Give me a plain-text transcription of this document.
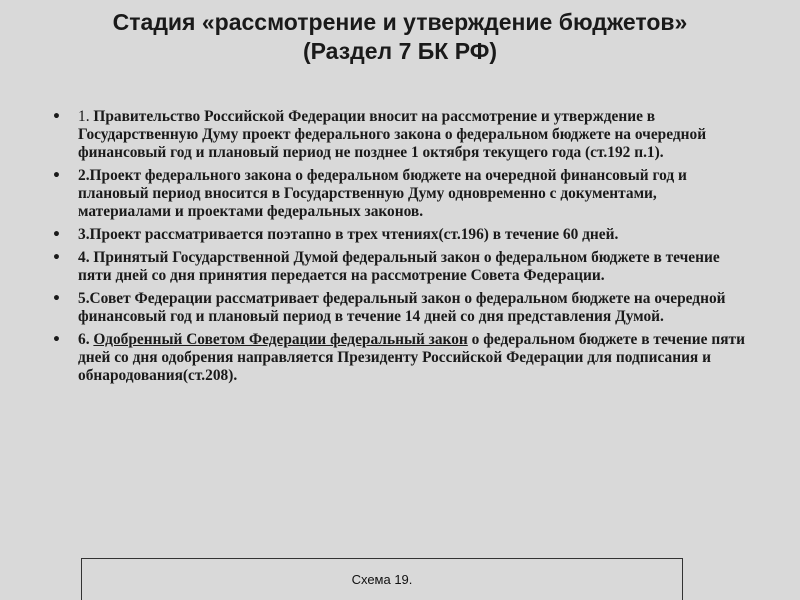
Стадия «рассмотрение и утверждение бюджетов»
(Раздел 7 БК РФ)
• 1. Правительство Российской Федерации вносит на рассмотрение и утверждение в Государственную Думу проект федерального закона о федеральном бюджете на очередной финансовый год и плановый период не позднее 1 октября текущего года (ст.192 п.1).
• 2.Проект федерального закона о федеральном бюджете на очередной финансовый год и плановый период вносится в Государственную Думу одновременно с документами, материалами и проектами федеральных законов.
• 3.Проект рассматривается поэтапно в трех чтениях(ст.196) в течение 60 дней.
• 4. Принятый Государственной Думой федеральный закон о федеральном бюджете в течение пяти дней со дня принятия передается на рассмотрение Совета Федерации.
• 5.Совет Федерации рассматривает федеральный закон о федеральном бюджете на очередной финансовый год и плановый период в течение 14 дней со дня представления Думой.
• 6. Одобренный Советом Федерации федеральный закон о федеральном бюджете в течение пяти дней со дня одобрения направляется Президенту Российской Федерации для подписания и обнародования(ст.208).
Схема 19.
